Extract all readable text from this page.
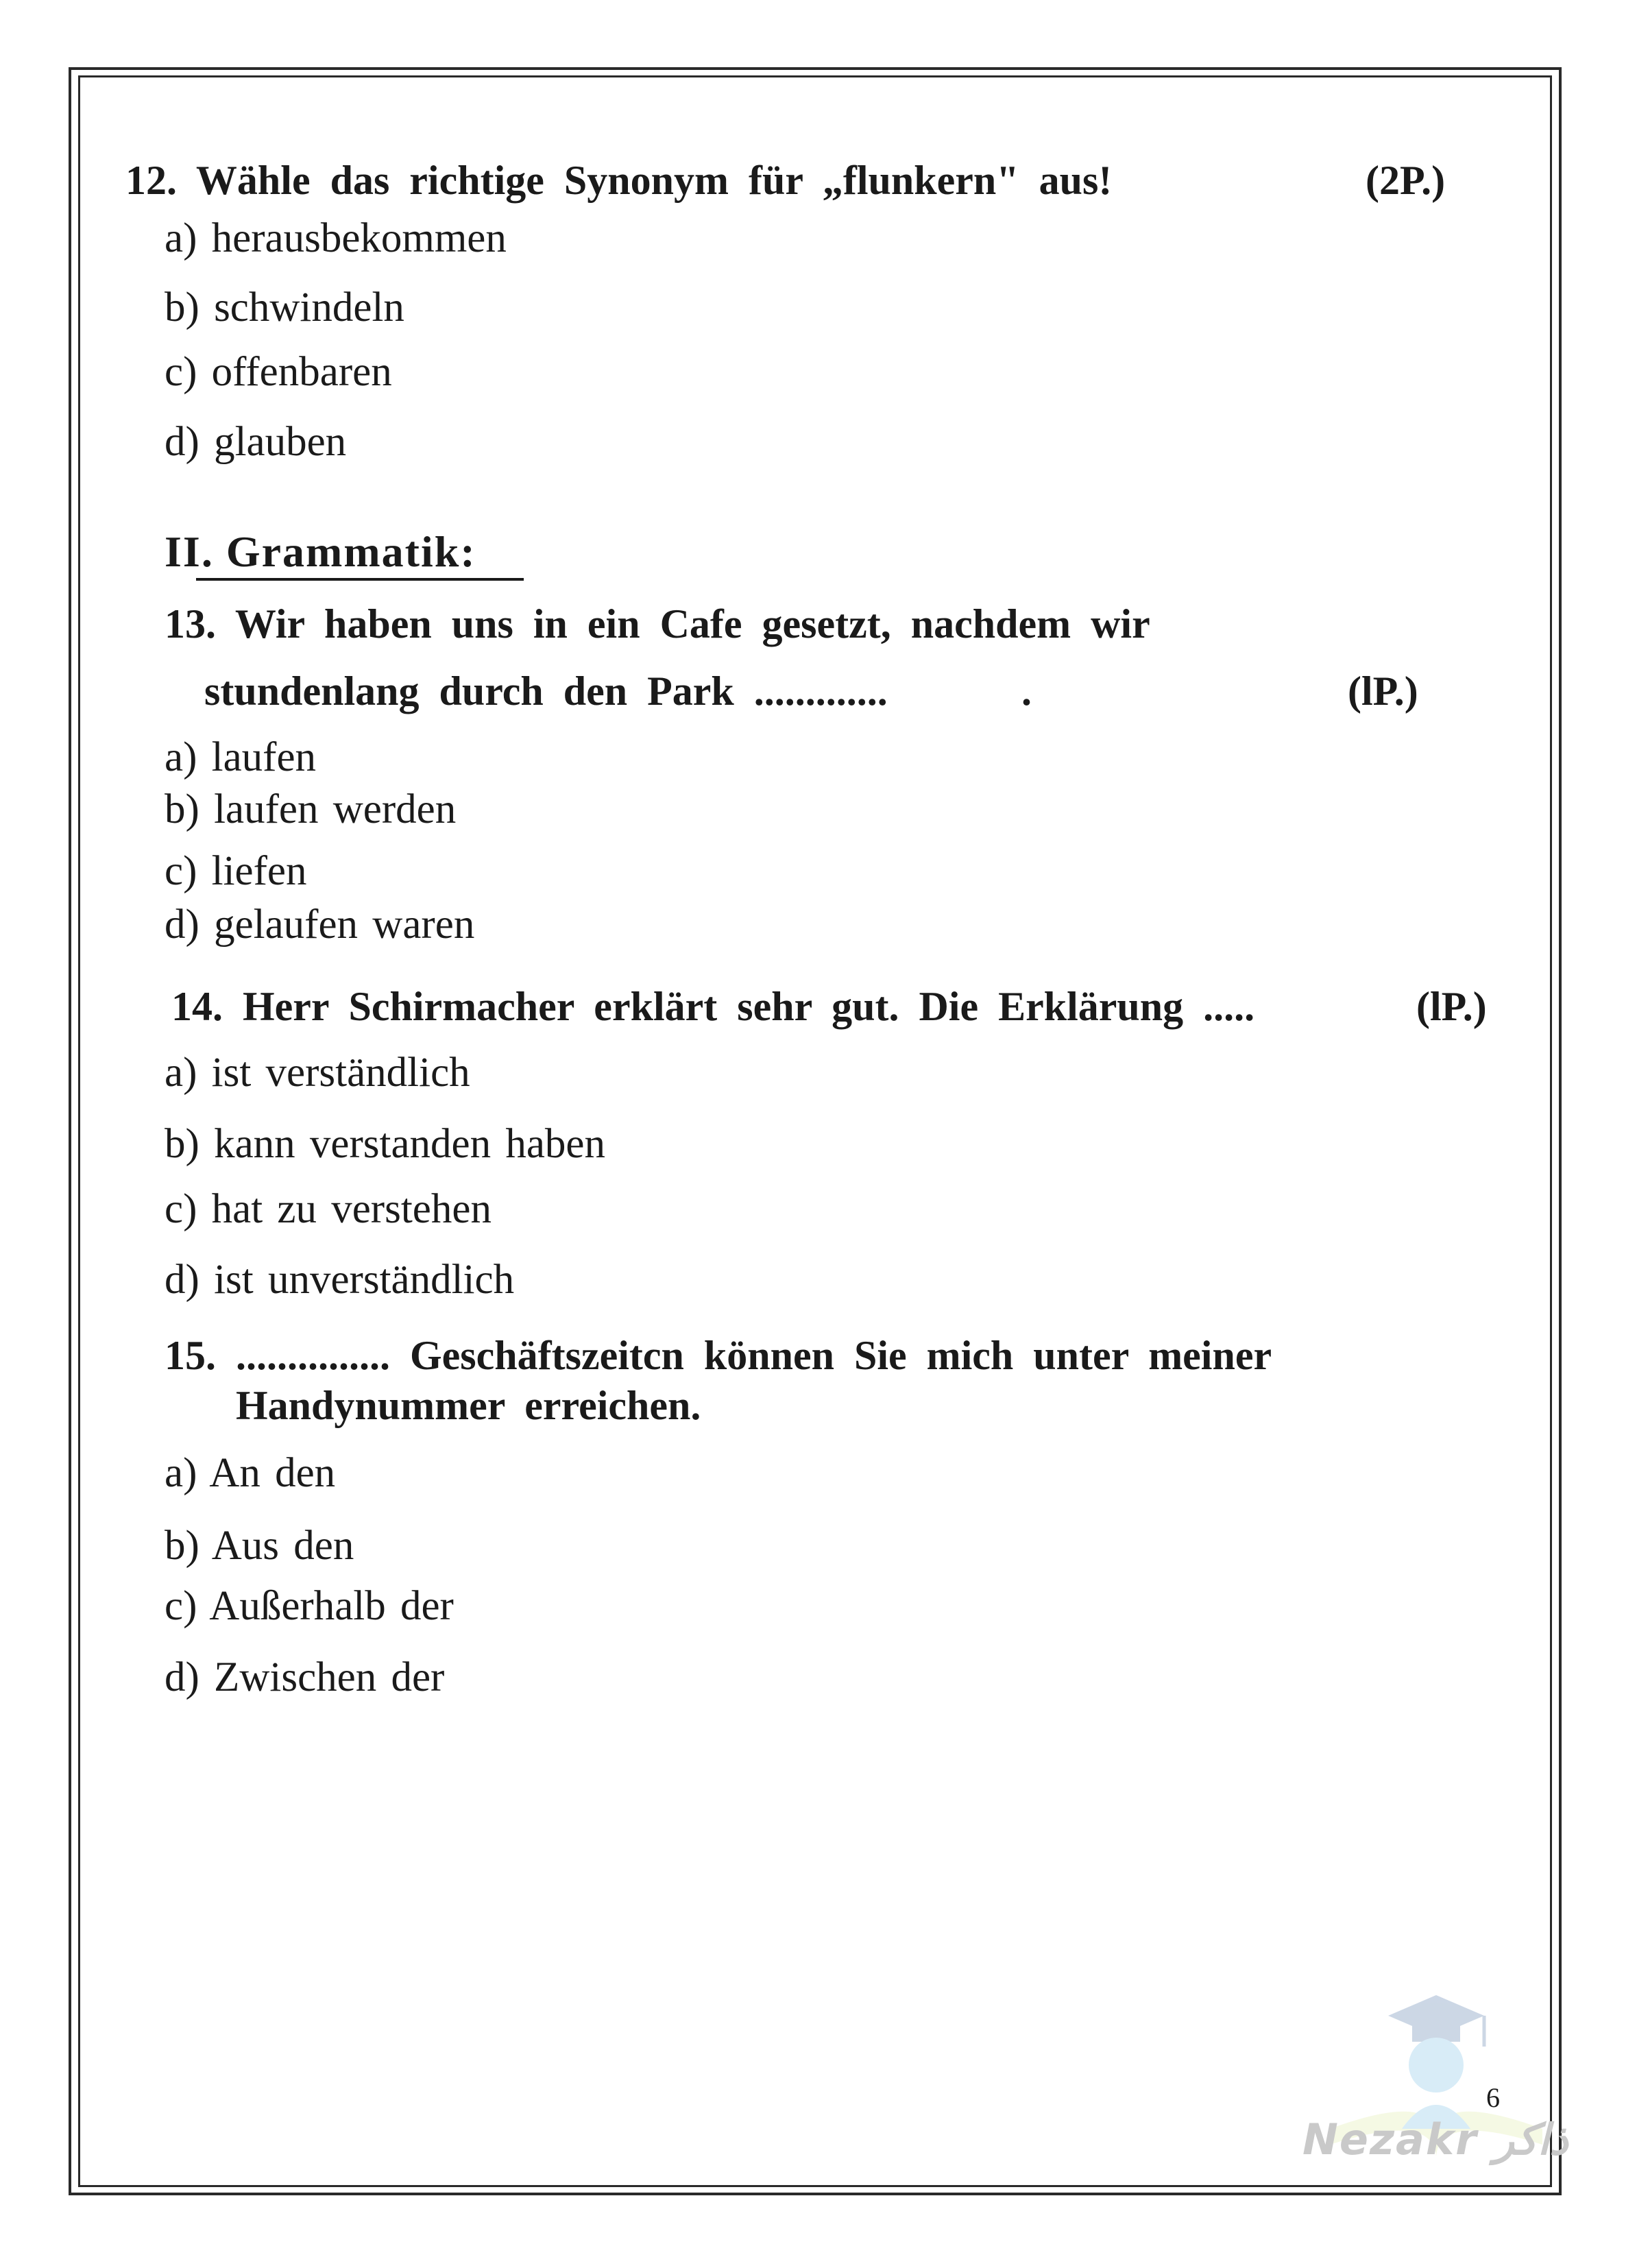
12. Wähle das richtige Synonym für „flunkern" aus!	(2P.)
a) herausbekommen
b) schwindeln
c) offenbaren
d) glauben
II. Grammatik:
13. Wir haben uns in ein Cafe gesetzt, nachdem wir
stundenlang durch den Park .............	.	(lP.)
a) laufen
b) laufen werden
c) liefen
d) gelaufen waren
14. Herr Schirmacher erklärt sehr gut. Die Erklärung .....	(lP.)
a) ist verständlich
b) kann verstanden haben
c) hat zu verstehen
d) ist unverständlich
15. ............... Geschäftszeitcn können Sie mich unter meiner
Handynummer erreichen.
a) An den
b) Aus den
c) Außerhalb der
d) Zwischen der
Nezakr ذاكر
6
